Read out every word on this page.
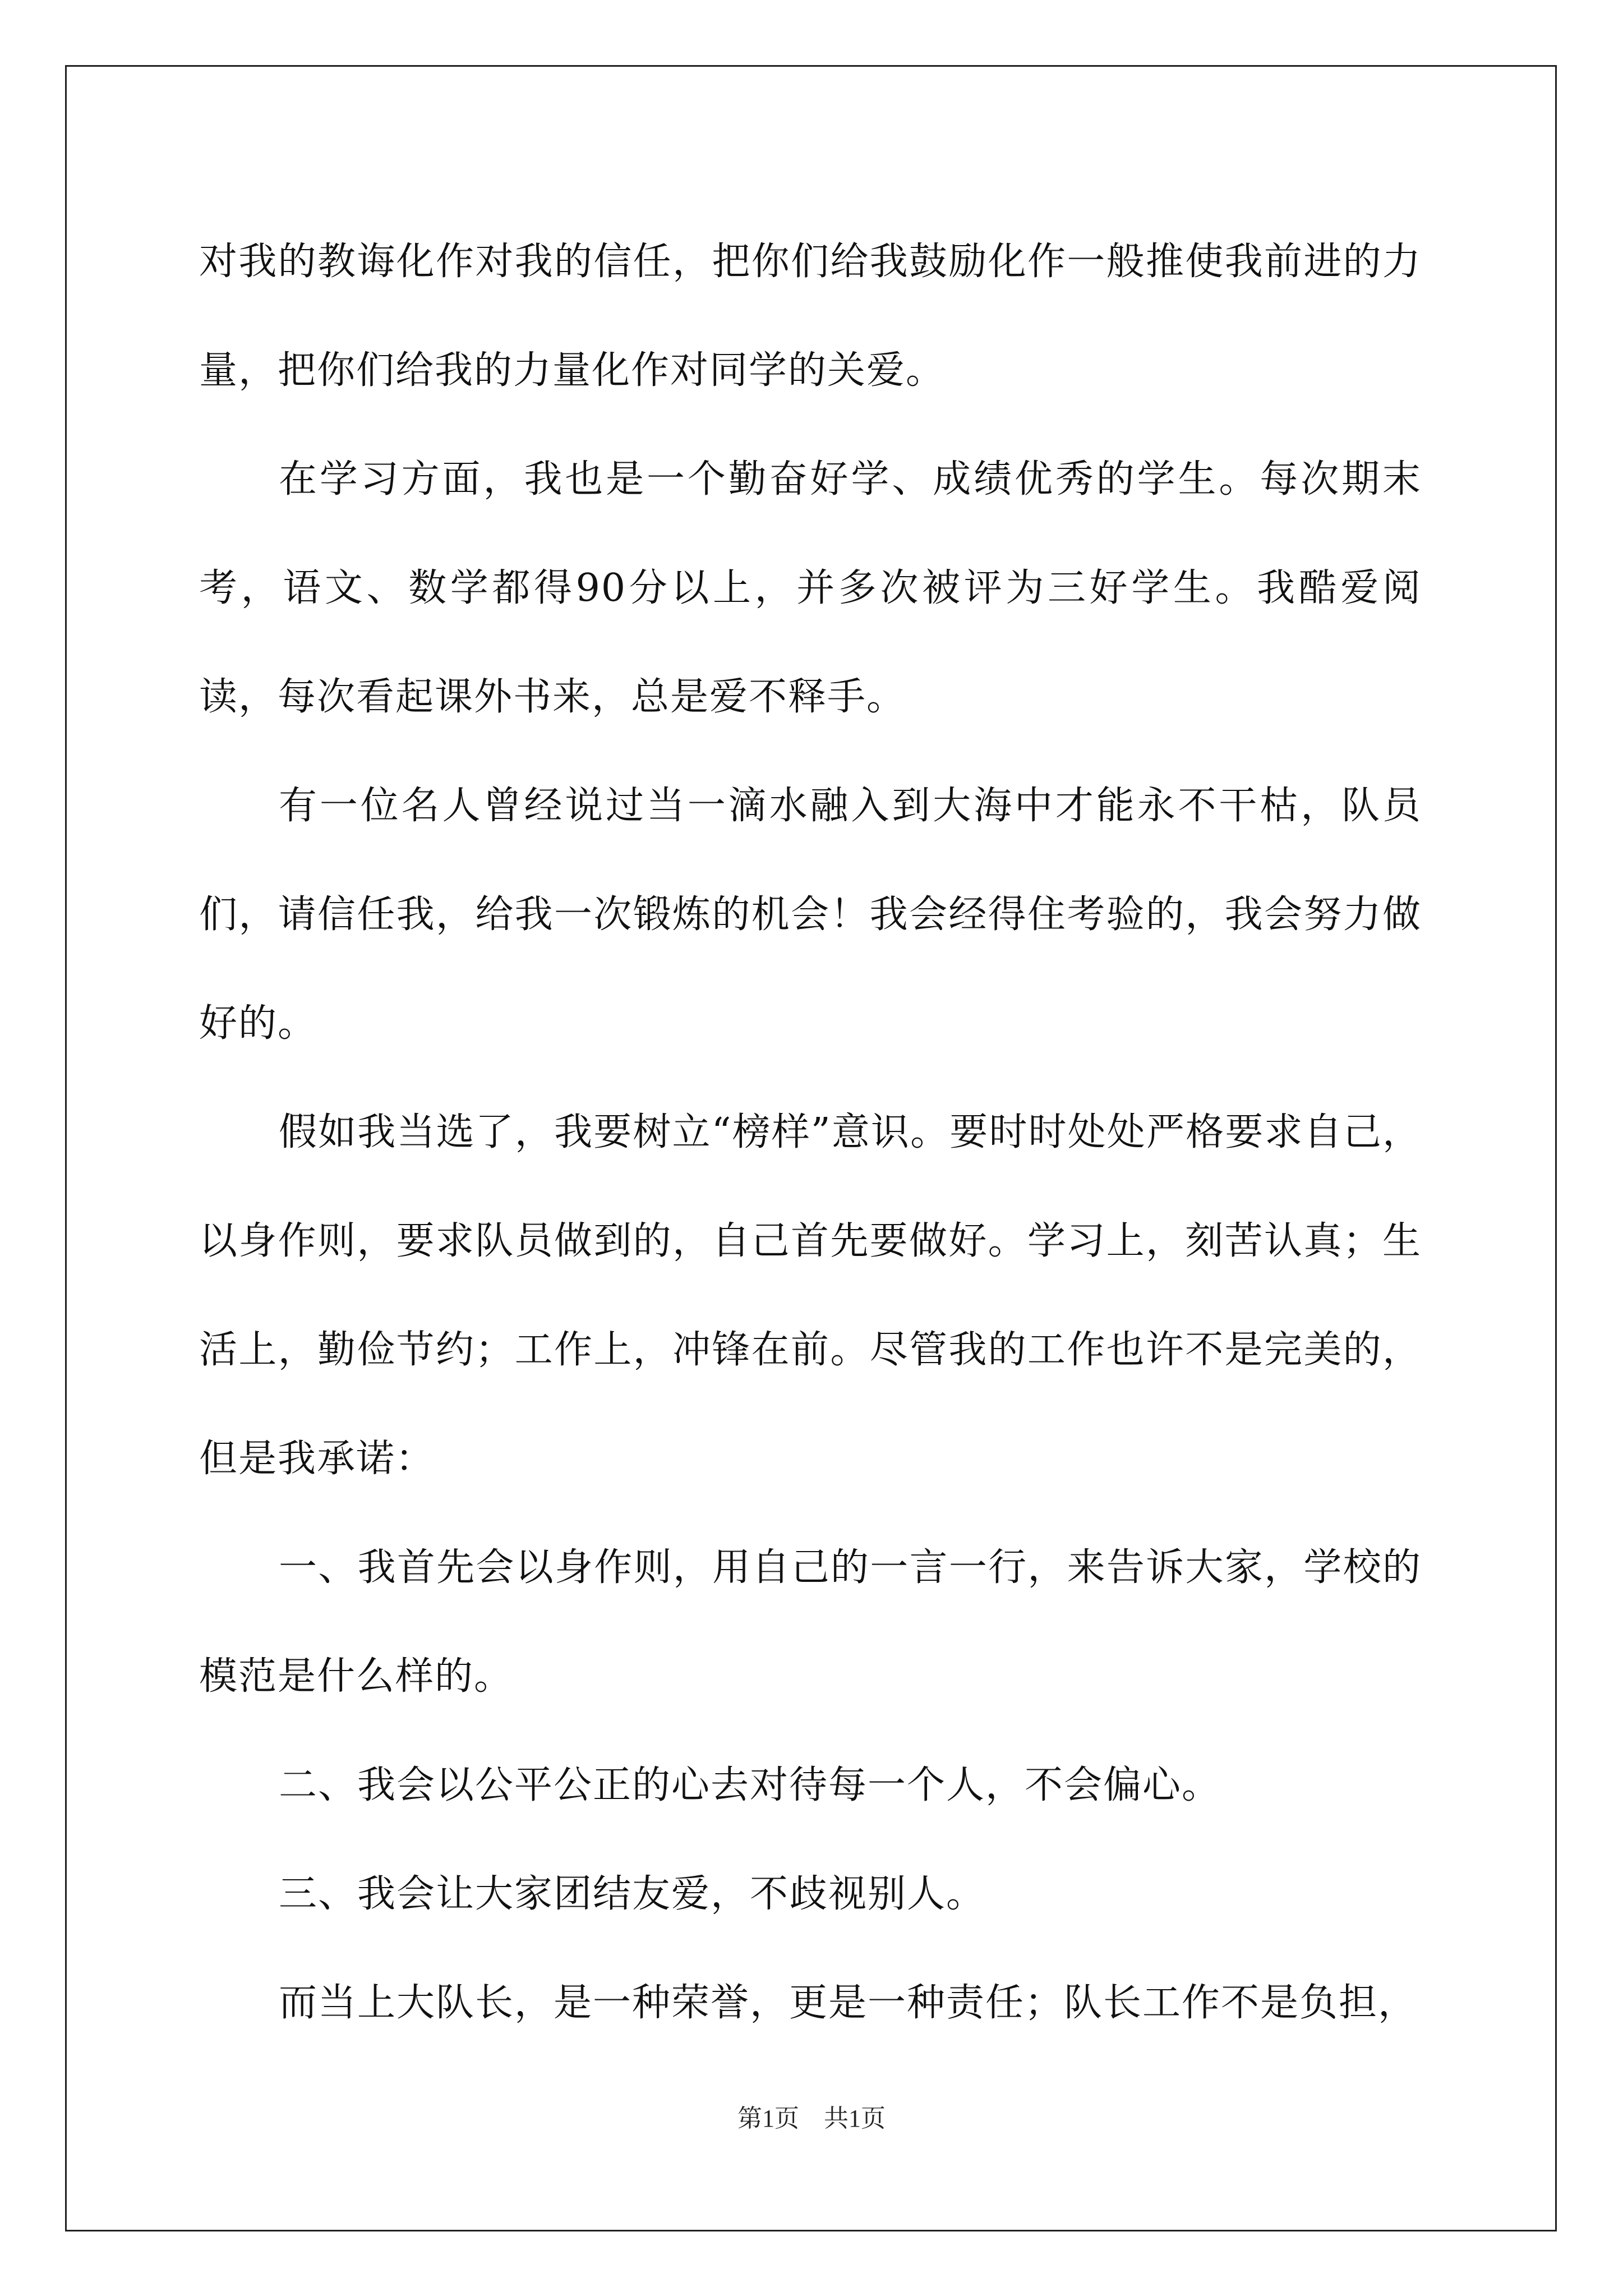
对我的教诲化作对我的信任，把你们给我鼓励化作一般推使我前进的力量，把你们给我的力量化作对同学的关爱。

在学习方面，我也是一个勤奋好学、成绩优秀的学生。每次期末考，语文、数学都得90分以上，并多次被评为三好学生。我酷爱阅读，每次看起课外书来，总是爱不释手。

有一位名人曾经说过当一滴水融入到大海中才能永不干枯，队员们，请信任我，给我一次锻炼的机会！我会经得住考验的，我会努力做好的。

假如我当选了，我要树立“榜样”意识。要时时处处严格要求自己，以身作则，要求队员做到的，自己首先要做好。学习上，刻苦认真；生活上，勤俭节约；工作上，冲锋在前。尽管我的工作也许不是完美的，但是我承诺：

一、我首先会以身作则，用自己的一言一行，来告诉大家，学校的模范是什么样的。

二、我会以公平公正的心去对待每一个人，不会偏心。

三、我会让大家团结友爱，不歧视别人。

而当上大队长，是一种荣誉，更是一种责任；队长工作不是负担，

第1页　共1页
